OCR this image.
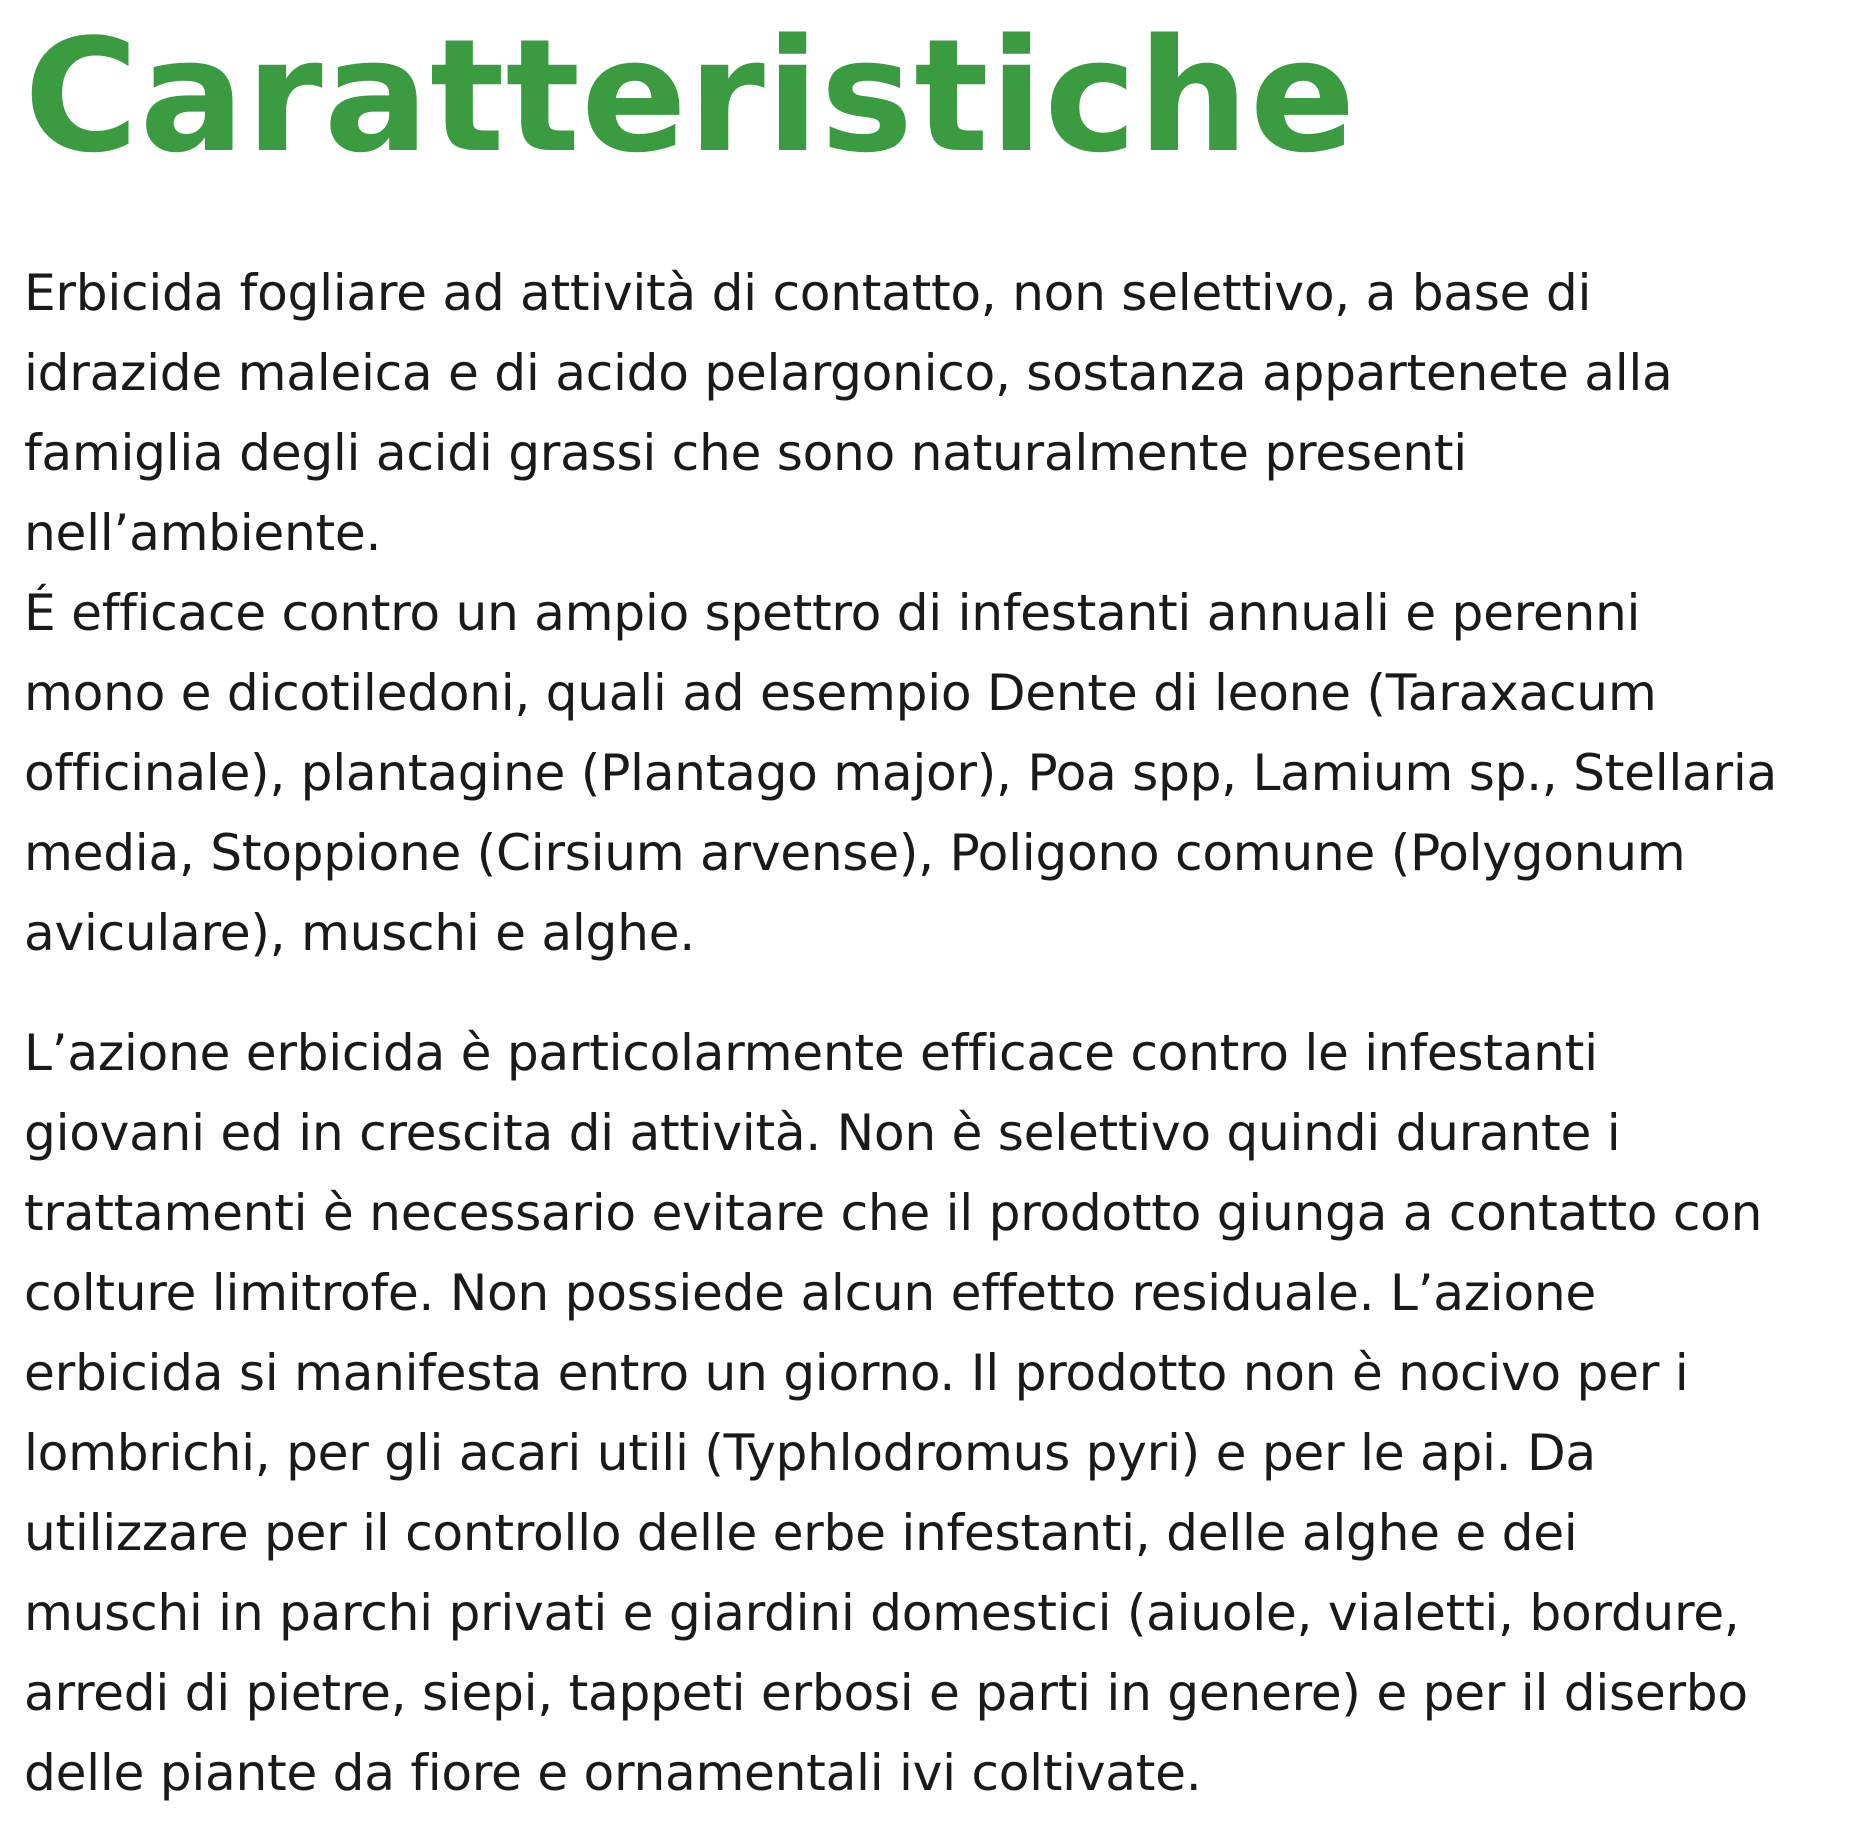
Caratteristiche

Erbicida fogliare ad attività di contatto, non selettivo, a base di
idrazide maleica e di acido pelargonico, sostanza appartenete alla
famiglia degli acidi grassi che sono naturalmente presenti
nell’ambiente.

É efficace contro un ampio spettro di infestanti annuali e perenni
mono e dicotiledoni, quali ad esempio Dente di leone (Taraxacum
officinale), plantagine (Plantago major), Poa spp, Lamium sp., Stellaria
media, Stoppione (Cirsium arvense), Poligono comune (Polygonum
aviculare), muschi e alghe.

L’azione erbicida è particolarmente efficace contro le infestanti
giovani ed in crescita di attività. Non è selettivo quindi durante i
trattamenti è necessario evitare che il prodotto giunga a contatto con
colture limitrofe. Non possiede alcun effetto residuale. L’azione
erbicida si manifesta entro un giorno. Il prodotto non è nocivo per i
lombrichi, per gli acari utili (Typhlodromus pyri) e per le api. Da
utilizzare per il controllo delle erbe infestanti, delle alghe e dei
muschi in parchi privati e giardini domestici (aiuole, vialetti, bordure,
arredi di pietre, siepi, tappeti erbosi e parti in genere) e per il diserbo
delle piante da fiore e ornamentali ivi coltivate.
